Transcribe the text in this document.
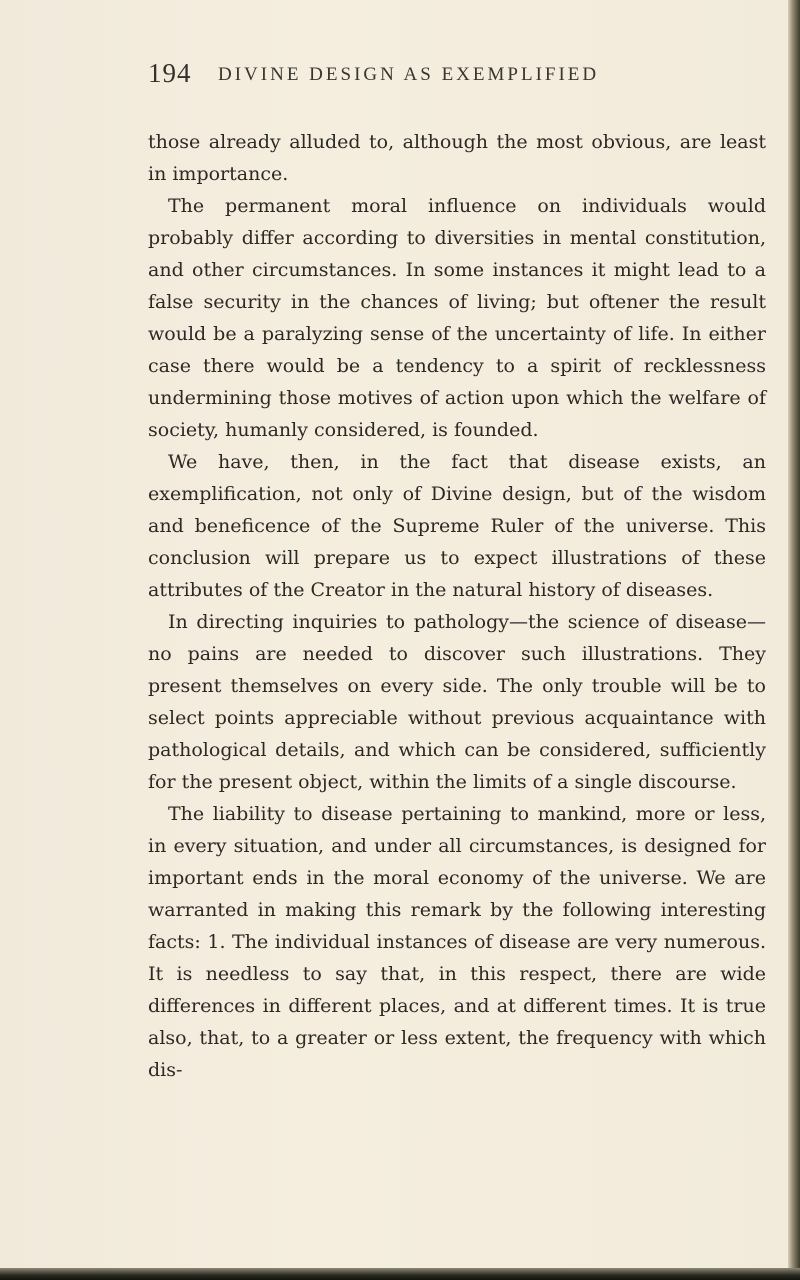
194 DIVINE DESIGN AS EXEMPLIFIED

those already alluded to, although the most obvious, are least in importance.

The permanent moral influence on individuals would probably differ according to diversities in mental constitution, and other circumstances. In some instances it might lead to a false security in the chances of living; but oftener the result would be a paralyzing sense of the uncertainty of life. In either case there would be a tendency to a spirit of recklessness undermining those motives of action upon which the welfare of society, humanly considered, is founded.

We have, then, in the fact that disease exists, an exemplification, not only of Divine design, but of the wisdom and beneficence of the Supreme Ruler of the universe. This conclusion will prepare us to expect illustrations of these attributes of the Creator in the natural history of diseases.

In directing inquiries to pathology—the science of disease—no pains are needed to discover such illustrations. They present themselves on every side. The only trouble will be to select points appreciable without previous acquaintance with pathological details, and which can be considered, sufficiently for the present object, within the limits of a single discourse.

The liability to disease pertaining to mankind, more or less, in every situation, and under all circumstances, is designed for important ends in the moral economy of the universe. We are warranted in making this remark by the following interesting facts: 1. The individual instances of disease are very numerous. It is needless to say that, in this respect, there are wide differences in different places, and at different times. It is true also, that, to a greater or less extent, the frequency with which dis-
